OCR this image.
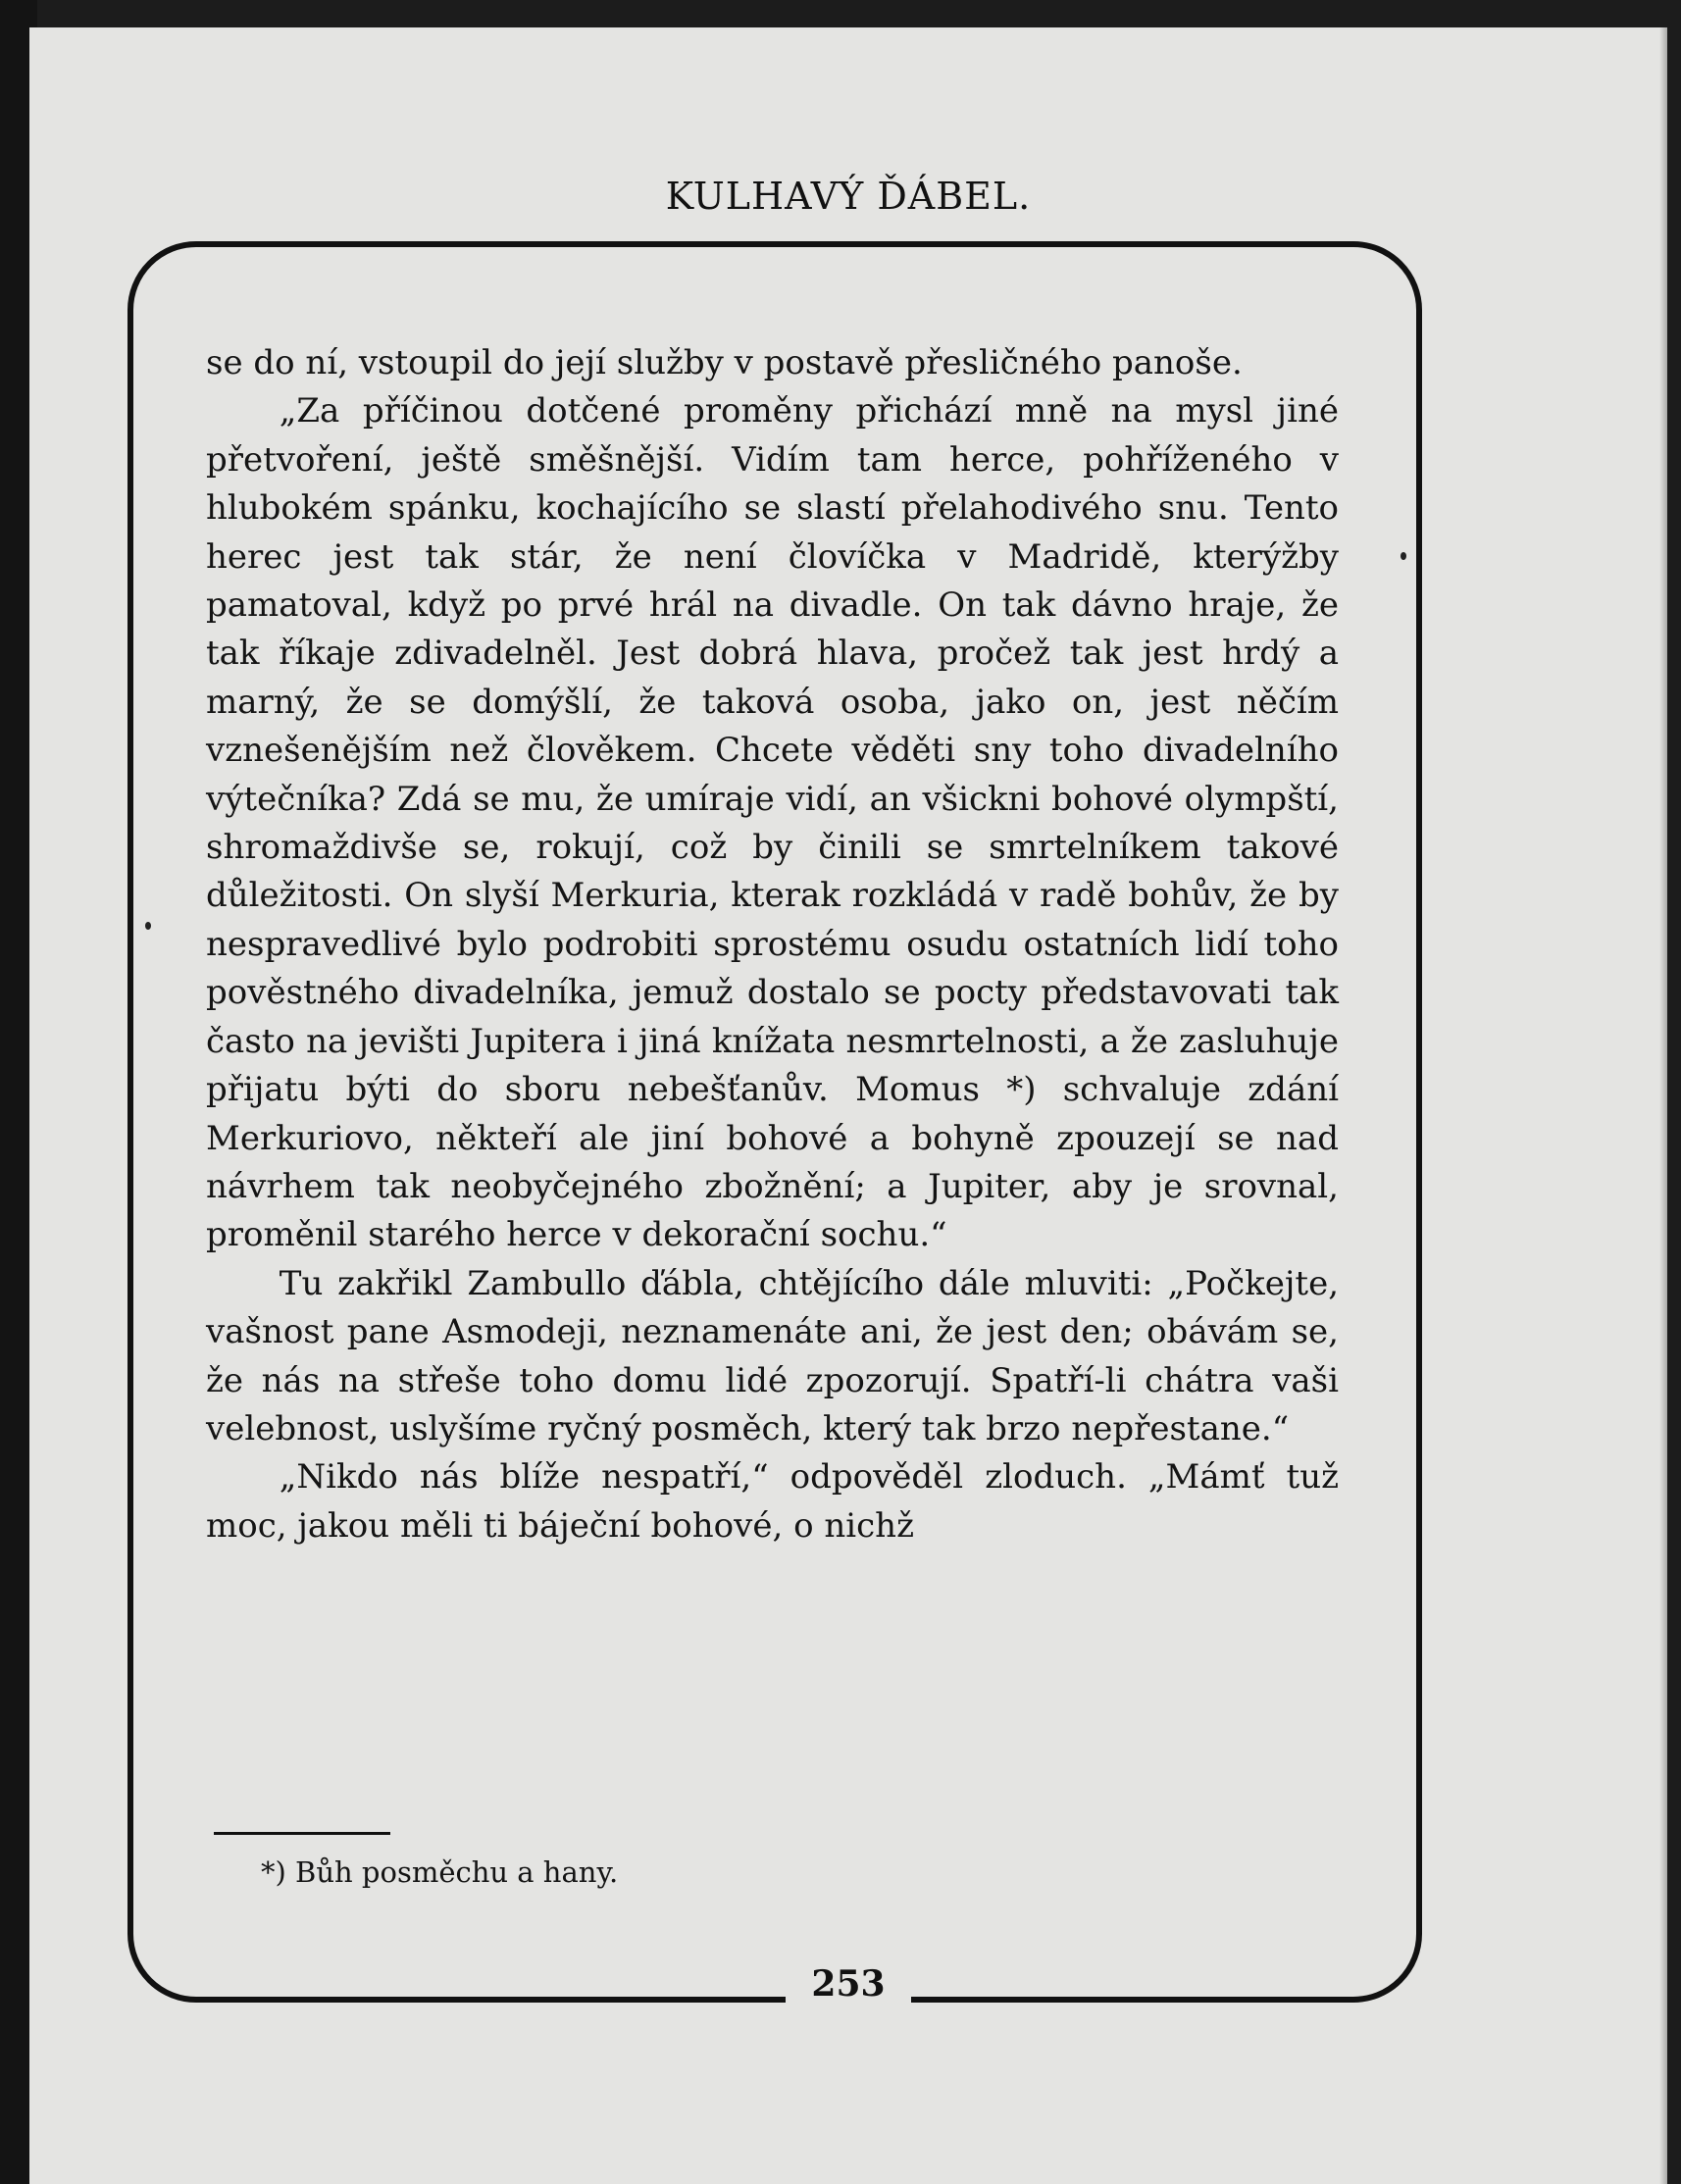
KULHAVÝ ĎÁBEL.

se do ní, vstoupil do její služby v postavě přesličného panoše.

„Za příčinou dotčené proměny přichází mně na mysl jiné přetvoření, ještě směšnější. Vidím tam herce, pohříženého v hlubokém spánku, kochajícího se slastí přelahodivého snu. Tento herec jest tak stár, že není človíčka v Madridě, kterýžby pamatoval, když po prvé hrál na divadle. On tak dávno hraje, že tak říkaje zdivadelněl. Jest dobrá hlava, pročež tak jest hrdý a marný, že se domýšlí, že taková osoba, jako on, jest něčím vznešenějším než člověkem. Chcete věděti sny toho divadelního výtečníka? Zdá se mu, že umíraje vidí, an všickni bohové olympští, shromaždivše se, rokují, což by činili se smrtelníkem takové důležitosti. On slyší Merkuria, kterak rozkládá v radě bohův, že by nespravedlivé bylo podrobiti sprostému osudu ostatních lidí toho pověstného divadelníka, jemuž dostalo se pocty představovati tak často na jevišti Jupitera i jiná knížata nesmrtelnosti, a že zasluhuje přijatu býti do sboru nebešťanův. Momus *) schvaluje zdání Merkuriovo, někteří ale jiní bohové a bohyně zpouzejí se nad návrhem tak neobyčejného zbožnění; a Jupiter, aby je srovnal, proměnil starého herce v dekorační sochu.“

Tu zakřikl Zambullo ďábla, chtějícího dále mluviti: „Počkejte, vašnost pane Asmodeji, neznamenáte ani, že jest den; obávám se, že nás na střeše toho domu lidé zpozorují. Spatří-li chátra vaši velebnost, uslyšíme ryčný posměch, který tak brzo nepřestane.“

„Nikdo nás blíže nespatří,“ odpověděl zloduch. „Mámť tuž moc, jakou měli ti báječní bohové, o nichž

*) Bůh posměchu a hany.
253
